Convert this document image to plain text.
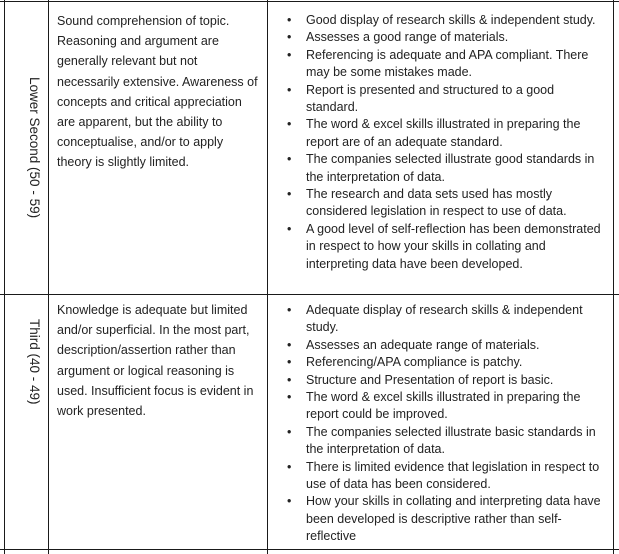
Lower Second (50 - 59)

Sound comprehension of topic. Reasoning and argument are generally relevant but not necessarily extensive. Awareness of concepts and critical appreciation are apparent, but the ability to conceptualise, and/or to apply theory is slightly limited.

• Good display of research skills & independent study.
• Assesses a good range of materials.
• Referencing is adequate and APA compliant. There may be some mistakes made.
• Report is presented and structured to a good standard.
• The word & excel skills illustrated in preparing the report are of an adequate standard.
• The companies selected illustrate good standards in the interpretation of data.
• The research and data sets used has mostly considered legislation in respect to use of data.
• A good level of self-reflection has been demonstrated in respect to how your skills in collating and interpreting data have been developed.
Third (40 - 49)

Knowledge is adequate but limited and/or superficial. In the most part, description/assertion rather than argument or logical reasoning is used. Insufficient focus is evident in work presented.

• Adequate display of research skills & independent study.
• Assesses an adequate range of materials.
• Referencing/APA compliance is patchy.
• Structure and Presentation of report is basic.
• The word & excel skills illustrated in preparing the report could be improved.
• The companies selected illustrate basic standards in the interpretation of data.
• There is limited evidence that legislation in respect to use of data has been considered.
• How your skills in collating and interpreting data have been developed is descriptive rather than self-reflective
